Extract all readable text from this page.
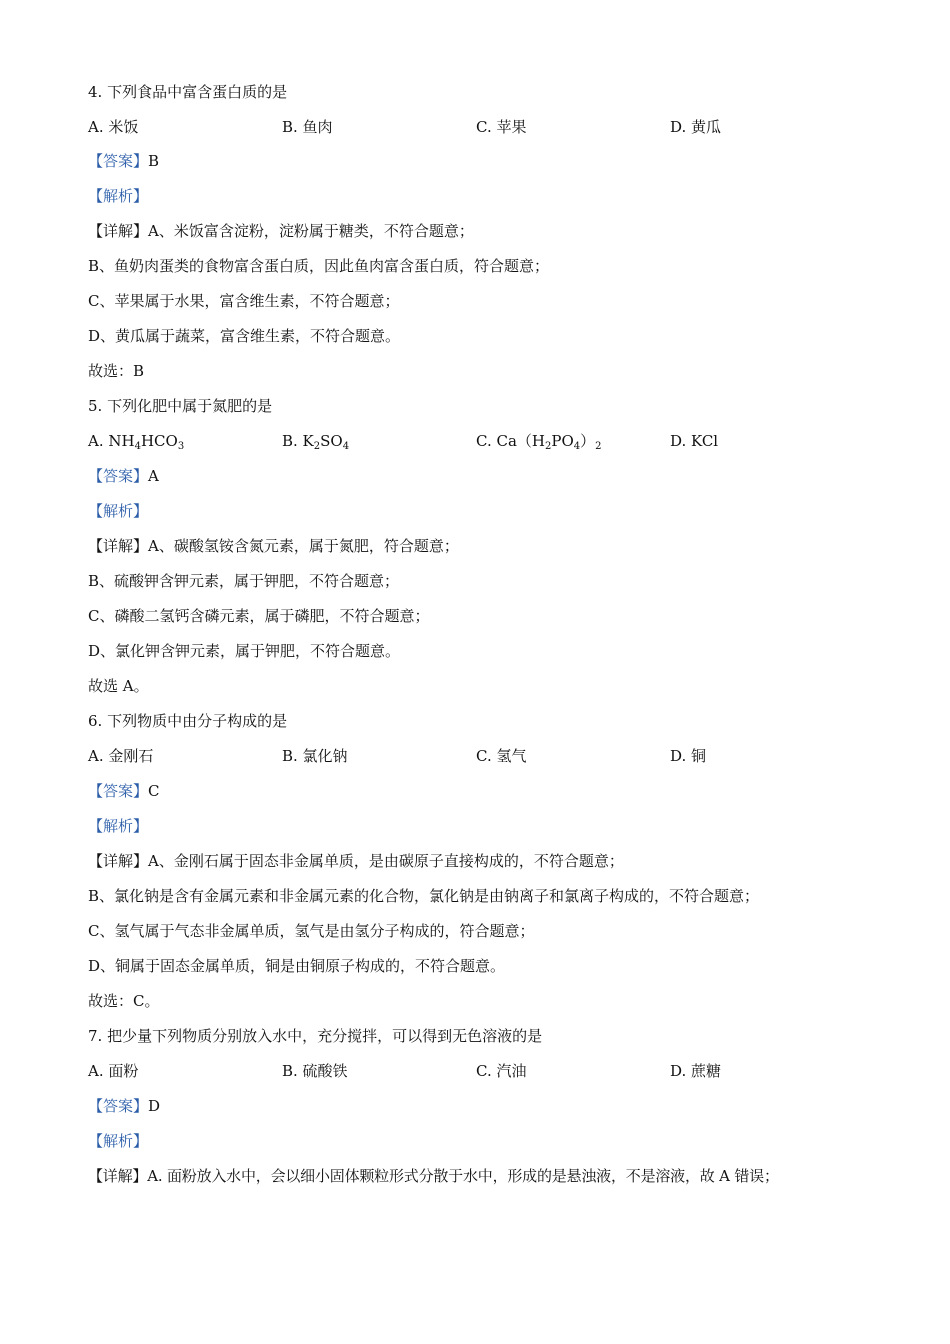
4. 下列食品中富含蛋白质的是
A. 米饭	B. 鱼肉	C. 苹果	D. 黄瓜
【答案】B
【解析】
【详解】A、米饭富含淀粉，淀粉属于糖类，不符合题意；
B、鱼奶肉蛋类的食物富含蛋白质，因此鱼肉富含蛋白质，符合题意；
C、苹果属于水果，富含维生素，不符合题意；
D、黄瓜属于蔬菜，富含维生素，不符合题意。
故选：B
5. 下列化肥中属于氮肥的是
A. $NH_4HCO_3$	B. $K_2SO_4$	C. $Ca(H_2PO_4)_2$	D. KCl
【答案】A
【解析】
【详解】A、碳酸氢铵含氮元素，属于氮肥，符合题意；
B、硫酸钾含钾元素，属于钾肥，不符合题意；
C、磷酸二氢钙含磷元素，属于磷肥，不符合题意；
D、氯化钾含钾元素，属于钾肥，不符合题意。
故选 A。
6. 下列物质中由分子构成的是
A. 金刚石	B. 氯化钠	C. 氢气	D. 铜
【答案】C
【解析】
【详解】A、金刚石属于固态非金属单质，是由碳原子直接构成的，不符合题意；
B、氯化钠是含有金属元素和非金属元素的化合物，氯化钠是由钠离子和氯离子构成的，不符合题意；
C、氢气属于气态非金属单质，氢气是由氢分子构成的，符合题意；
D、铜属于固态金属单质，铜是由铜原子构成的，不符合题意。
故选：C。
7. 把少量下列物质分别放入水中，充分搅拌，可以得到无色溶液的是
A. 面粉	B. 硫酸铁	C. 汽油	D. 蔗糖
【答案】D
【解析】
【详解】A. 面粉放入水中，会以细小固体颗粒形式分散于水中，形成的是悬浊液，不是溶液，故 A 错误；
